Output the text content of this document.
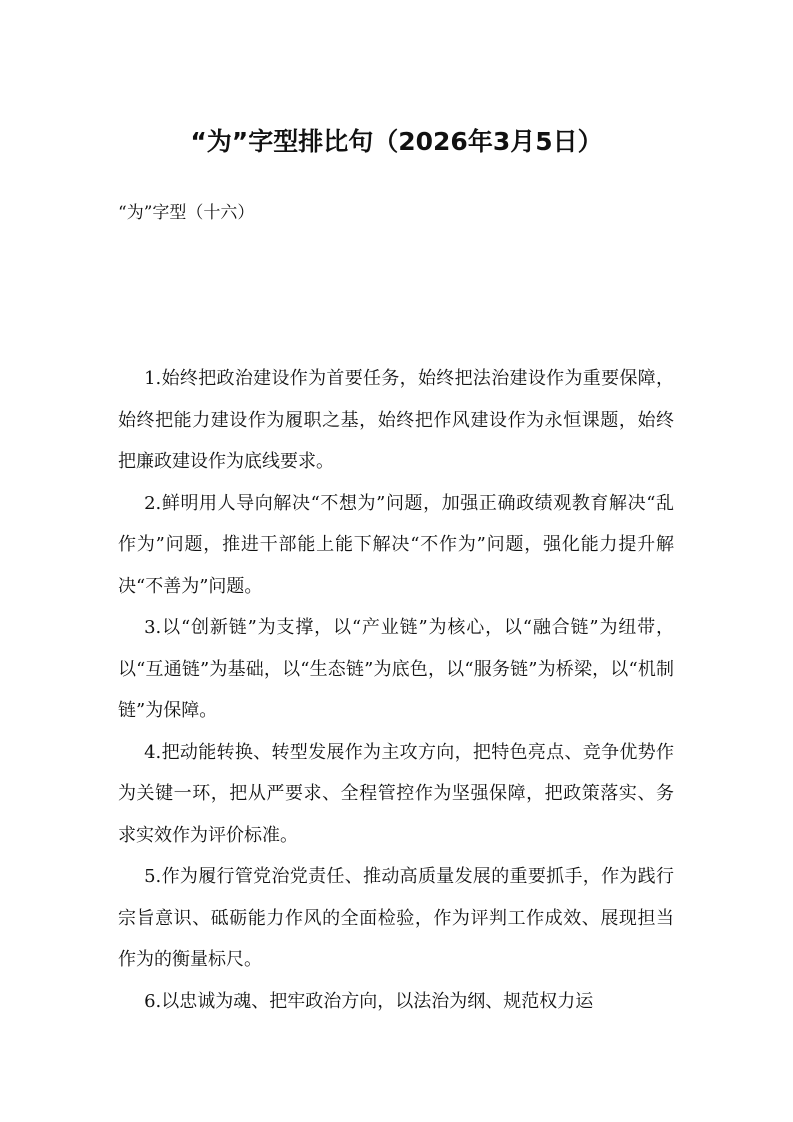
“为”字型排比句（2026年3月5日）
“为”字型（十六）

1.始终把政治建设作为首要任务，始终把法治建设作为重要保障，始终把能力建设作为履职之基，始终把作风建设作为永恒课题，始终把廉政建设作为底线要求。

2.鲜明用人导向解决“不想为”问题，加强正确政绩观教育解决“乱作为”问题，推进干部能上能下解决“不作为”问题，强化能力提升解决“不善为”问题。

3.以“创新链”为支撑，以“产业链”为核心，以“融合链”为纽带，以“互通链”为基础，以“生态链”为底色，以“服务链”为桥梁，以“机制链”为保障。

4.把动能转换、转型发展作为主攻方向，把特色亮点、竞争优势作为关键一环，把从严要求、全程管控作为坚强保障，把政策落实、务求实效作为评价标准。

5.作为履行管党治党责任、推动高质量发展的重要抓手，作为践行宗旨意识、砥砺能力作风的全面检验，作为评判工作成效、展现担当作为的衡量标尺。

6.以忠诚为魂、把牢政治方向，以法治为纲、规范权力运
